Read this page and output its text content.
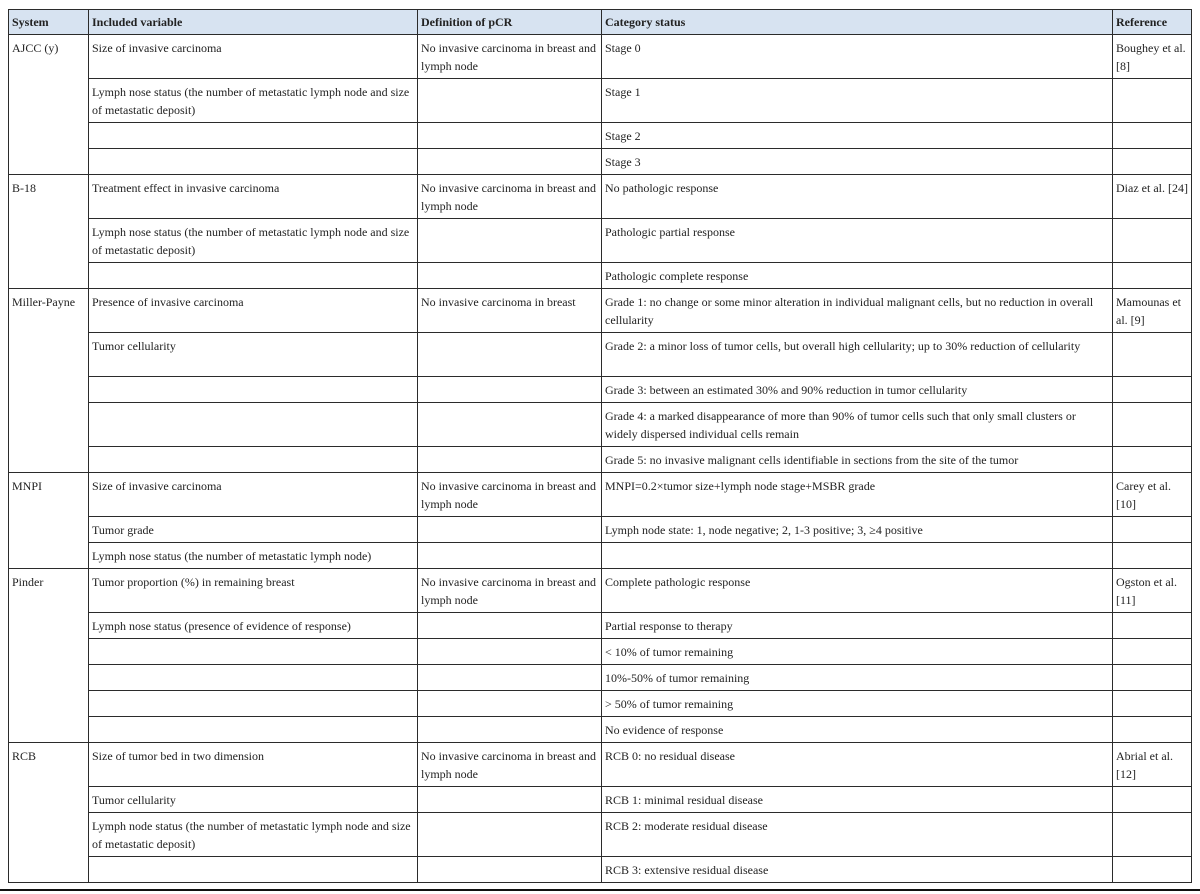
System	Included variable	Definition of pCR	Category status	Reference
AJCC (y)	Size of invasive carcinoma	No invasive carcinoma in breast and lymph node	Stage 0	Boughey et al. [8]
	Lymph nose status (the number of metastatic lymph node and size of metastatic deposit)		Stage 1	
			Stage 2	
			Stage 3	
B-18	Treatment effect in invasive carcinoma	No invasive carcinoma in breast and lymph node	No pathologic response	Diaz et al. [24]
	Lymph nose status (the number of metastatic lymph node and size of metastatic deposit)		Pathologic partial response	
			Pathologic complete response	
Miller-Payne	Presence of invasive carcinoma	No invasive carcinoma in breast	Grade 1: no change or some minor alteration in individual malignant cells, but no reduction in overall cellularity	Mamounas et al. [9]
	Tumor cellularity		Grade 2: a minor loss of tumor cells, but overall high cellularity; up to 30% reduction of cellularity	
			Grade 3: between an estimated 30% and 90% reduction in tumor cellularity	
			Grade 4: a marked disappearance of more than 90% of tumor cells such that only small clusters or widely dispersed individual cells remain	
			Grade 5: no invasive malignant cells identifiable in sections from the site of the tumor	
MNPI	Size of invasive carcinoma	No invasive carcinoma in breast and lymph node	MNPI=0.2×tumor size+lymph node stage+MSBR grade	Carey et al. [10]
	Tumor grade		Lymph node state: 1, node negative; 2, 1-3 positive; 3, ≥4 positive	
	Lymph nose status (the number of metastatic lymph node)			
Pinder	Tumor proportion (%) in remaining breast	No invasive carcinoma in breast and lymph node	Complete pathologic response	Ogston et al. [11]
	Lymph nose status (presence of evidence of response)		Partial response to therapy	
			< 10% of tumor remaining	
			10%-50% of tumor remaining	
			> 50% of tumor remaining	
			No evidence of response	
RCB	Size of tumor bed in two dimension	No invasive carcinoma in breast and lymph node	RCB 0: no residual disease	Abrial et al. [12]
	Tumor cellularity		RCB 1: minimal residual disease	
	Lymph node status (the number of metastatic lymph node and size of metastatic deposit)		RCB 2: moderate residual disease	
			RCB 3: extensive residual disease	
